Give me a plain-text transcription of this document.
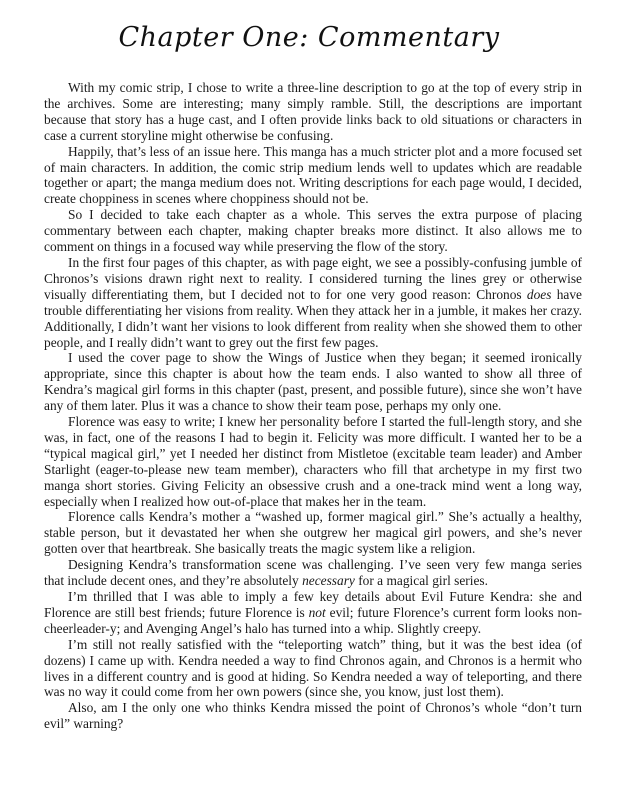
Chapter One: Commentary

With my comic strip, I chose to write a three-line description to go at the top of every strip in the archives. Some are interesting; many simply ramble. Still, the descriptions are important because that story has a huge cast, and I often provide links back to old situations or characters in case a current storyline might otherwise be confusing.

Happily, that’s less of an issue here. This manga has a much stricter plot and a more focused set of main characters. In addition, the comic strip medium lends well to updates which are readable together or apart; the manga medium does not. Writing descriptions for each page would, I decided, create choppiness in scenes where choppiness should not be.

So I decided to take each chapter as a whole. This serves the extra purpose of placing commentary between each chapter, making chapter breaks more distinct. It also allows me to comment on things in a focused way while preserving the flow of the story.

In the first four pages of this chapter, as with page eight, we see a possibly-confusing jumble of Chronos’s visions drawn right next to reality. I considered turning the lines grey or otherwise visually differentiating them, but I decided not to for one very good reason: Chronos does have trouble differentiating her visions from reality. When they attack her in a jumble, it makes her crazy. Additionally, I didn’t want her visions to look different from reality when she showed them to other people, and I really didn’t want to grey out the first few pages.

I used the cover page to show the Wings of Justice when they began; it seemed ironically appropriate, since this chapter is about how the team ends. I also wanted to show all three of Kendra’s magical girl forms in this chapter (past, present, and possible future), since she won’t have any of them later. Plus it was a chance to show their team pose, perhaps my only one.

Florence was easy to write; I knew her personality before I started the full-length story, and she was, in fact, one of the reasons I had to begin it. Felicity was more difficult. I wanted her to be a “typical magical girl,” yet I needed her distinct from Mistletoe (excitable team leader) and Amber Starlight (eager-to-please new team member), characters who fill that archetype in my first two manga short stories. Giving Felicity an obsessive crush and a one-track mind went a long way, especially when I realized how out-of-place that makes her in the team.

Florence calls Kendra’s mother a “washed up, former magical girl.” She’s actually a healthy, stable person, but it devastated her when she outgrew her magical girl powers, and she’s never gotten over that heartbreak. She basically treats the magic system like a religion.

Designing Kendra’s transformation scene was challenging. I’ve seen very few manga series that include decent ones, and they’re absolutely necessary for a magical girl series.

I’m thrilled that I was able to imply a few key details about Evil Future Kendra: she and Florence are still best friends; future Florence is not evil; future Florence’s current form looks non-cheerleader-y; and Avenging Angel’s halo has turned into a whip. Slightly creepy.

I’m still not really satisfied with the “teleporting watch” thing, but it was the best idea (of dozens) I came up with. Kendra needed a way to find Chronos again, and Chronos is a hermit who lives in a different country and is good at hiding. So Kendra needed a way of teleporting, and there was no way it could come from her own powers (since she, you know, just lost them).

Also, am I the only one who thinks Kendra missed the point of Chronos’s whole “don’t turn evil” warning?
